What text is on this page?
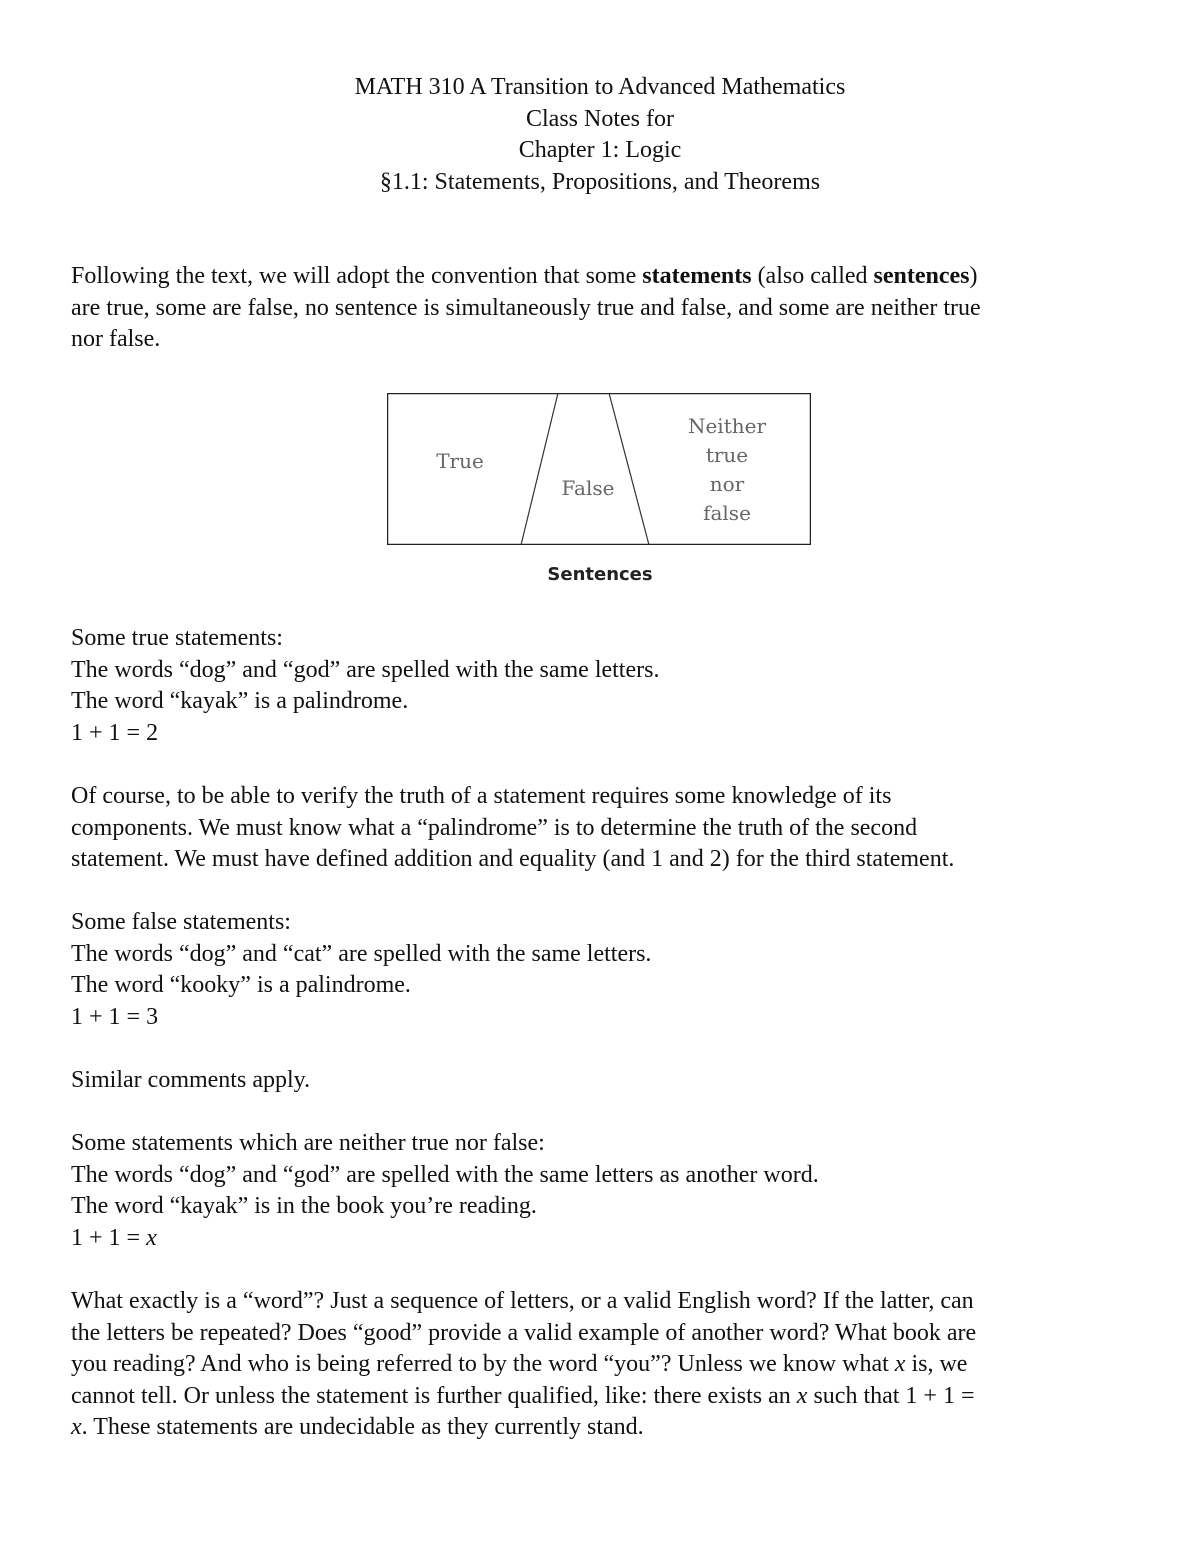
MATH 310 A Transition to Advanced Mathematics
Class Notes for
Chapter 1: Logic
§1.1: Statements, Propositions, and Theorems
Following the text, we will adopt the convention that some statements (also called sentences)
are true, some are false, no sentence is simultaneously true and false, and some are neither true
nor false.
True
False
Neither
true
nor
false
Sentences
Some true statements:
The words “dog” and “god” are spelled with the same letters.
The word “kayak” is a palindrome.
1 + 1 = 2
Of course, to be able to verify the truth of a statement requires some knowledge of its
components. We must know what a “palindrome” is to determine the truth of the second
statement. We must have defined addition and equality (and 1 and 2) for the third statement.
Some false statements:
The words “dog” and “cat” are spelled with the same letters.
The word “kooky” is a palindrome.
1 + 1 = 3
Similar comments apply.
Some statements which are neither true nor false:
The words “dog” and “god” are spelled with the same letters as another word.
The word “kayak” is in the book you’re reading.
1 + 1 = x
What exactly is a “word”? Just a sequence of letters, or a valid English word? If the latter, can
the letters be repeated? Does “good” provide a valid example of another word? What book are
you reading? And who is being referred to by the word “you”? Unless we know what x is, we
cannot tell. Or unless the statement is further qualified, like: there exists an x such that 1 + 1 =
x. These statements are undecidable as they currently stand.
